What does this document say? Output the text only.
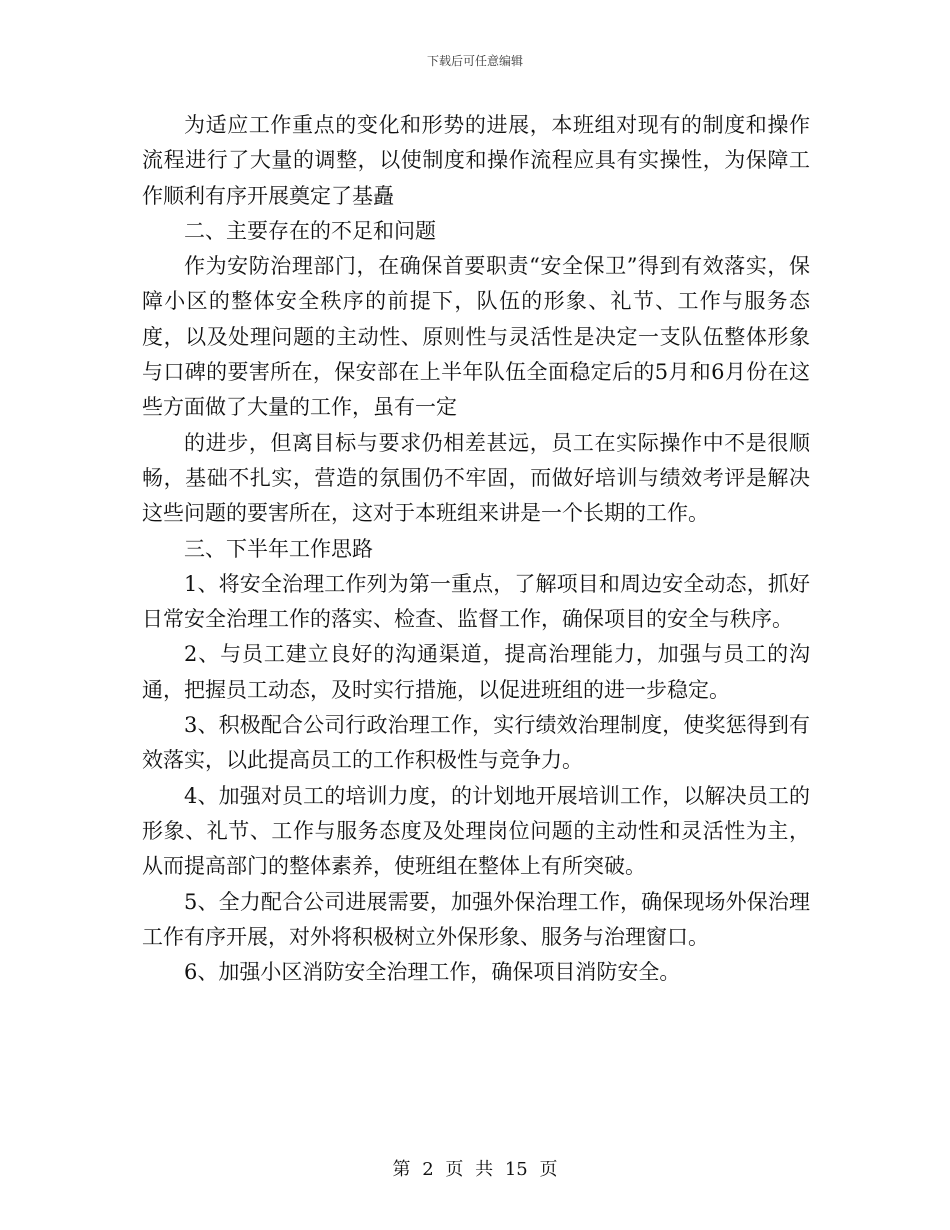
下载后可任意编辑

为适应工作重点的变化和形势的进展，本班组对现有的制度和操作流程进行了大量的调整，以使制度和操作流程应具有实操性，为保障工作顺利有序开展奠定了基矗

二、主要存在的不足和问题

作为安防治理部门，在确保首要职责“安全保卫”得到有效落实，保障小区的整体安全秩序的前提下，队伍的形象、礼节、工作与服务态度，以及处理问题的主动性、原则性与灵活性是决定一支队伍整体形象与口碑的要害所在，保安部在上半年队伍全面稳定后的5月和6月份在这些方面做了大量的工作，虽有一定

的进步，但离目标与要求仍相差甚远，员工在实际操作中不是很顺畅，基础不扎实，营造的氛围仍不牢固，而做好培训与绩效考评是解决这些问题的要害所在，这对于本班组来讲是一个长期的工作。

三、下半年工作思路

1、将安全治理工作列为第一重点，了解项目和周边安全动态，抓好日常安全治理工作的落实、检查、监督工作，确保项目的安全与秩序。

2、与员工建立良好的沟通渠道，提高治理能力，加强与员工的沟通，把握员工动态，及时实行措施，以促进班组的进一步稳定。

3、积极配合公司行政治理工作，实行绩效治理制度，使奖惩得到有效落实，以此提高员工的工作积极性与竞争力。

4、加强对员工的培训力度，的计划地开展培训工作，以解决员工的形象、礼节、工作与服务态度及处理岗位问题的主动性和灵活性为主，从而提高部门的整体素养，使班组在整体上有所突破。

5、全力配合公司进展需要，加强外保治理工作，确保现场外保治理工作有序开展，对外将积极树立外保形象、服务与治理窗口。

6、加强小区消防安全治理工作，确保项目消防安全。

第 2 页 共 15 页
